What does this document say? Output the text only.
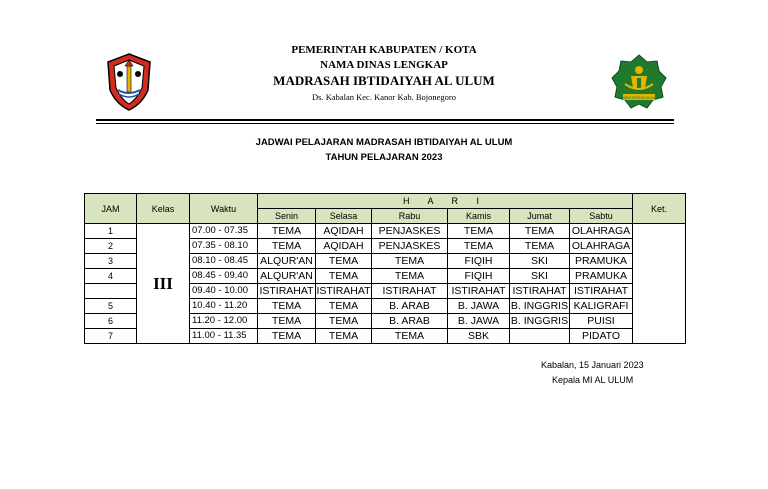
KEMENTERIAN AGAMA
PEMERINTAH KABUPATEN / KOTA
NAMA DINAS LENGKAP
MADRASAH IBTIDAIYAH AL ULUM
Ds. Kabalan Kec. Kanor Kab. Bojonegoro
JADWAI PELAJARAN MADRASAH IBTIDAIYAH AL ULUM
TAHUN PELAJARAN 2023
JAM	Kelas	Waktu	H A R I						Ket.
			Senin	Selasa	Rabu	Kamis	Jumat	Sabtu	
1	III	07.00 - 07.35	TEMA	AQIDAH	PENJASKES	TEMA	TEMA	OLAHRAGA	
2		07.35 - 08.10	TEMA	AQIDAH	PENJASKES	TEMA	TEMA	OLAHRAGA	
3		08.10 - 08.45	ALQUR'AN	TEMA	TEMA	FIQIH	SKI	PRAMUKA	
4		08.45 - 09.40	ALQUR'AN	TEMA	TEMA	FIQIH	SKI	PRAMUKA	
		09.40 - 10.00	ISTIRAHAT	ISTIRAHAT	ISTIRAHAT	ISTIRAHAT	ISTIRAHAT	ISTIRAHAT	
5		10.40 - 11.20	TEMA	TEMA	B. ARAB	B. JAWA	B. INGGRIS	KALIGRAFI	
6		11.20 - 12.00	TEMA	TEMA	B. ARAB	B. JAWA	B. INGGRIS	PUISI	
7		11.00 - 11.35	TEMA	TEMA	TEMA	SBK		PIDATO	
Kabalan, 15 Januari 2023
Kepala MI AL ULUM
